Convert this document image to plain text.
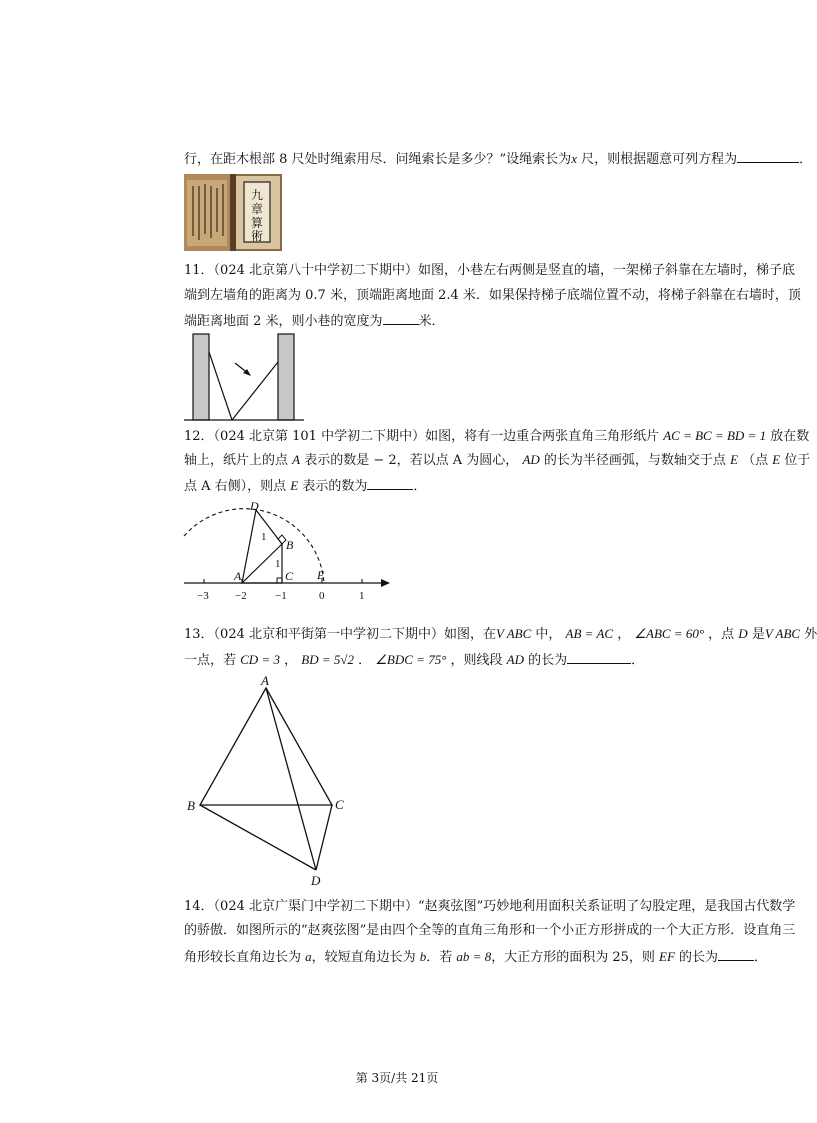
行，在距木根部 8 尺处时绳索用尽．问绳索长是多少？”设绳索长为x 尺，则根据题意可列方程为	．
九
章
算
術
11．（024 北京第八十中学初二下期中）如图，小巷左右两侧是竖直的墙，一架梯子斜靠在左墙时，梯子底
端到左墙角的距离为 0.7 米，顶端距离地面 2.4 米．如果保持梯子底端位置不动，将梯子斜靠在右墙时，顶
端距离地面 2 米，则小巷的宽度为	米．
12．（024 北京第 101 中学初二下期中）如图，将有一边重合两张直角三角形纸片 AC = BC = BD = 1 放在数
轴上，纸片上的点 A 表示的数是 − 2，若以点 A 为圆心， AD 的长为半径画弧，与数轴交于点 E （点 E 位于
点 A 右侧），则点 E 表示的数为	．
D
B
A	C E
1
1
−3 −2	−1	0	1
13．（024 北京和平街第一中学初二下期中）如图，在V ABC 中， AB = AC ， ∠ABC = 60° ，点 D 是V ABC 外
一点，若 CD = 3 ， BD = 5√2 ． ∠BDC = 75° ，则线段 AD 的长为	．
A
B	C
D
14．（024 北京广渠门中学初二下期中）“赵爽弦图”巧妙地利用面积关系证明了勾股定理，是我国古代数学
的骄傲．如图所示的“赵爽弦图”是由四个全等的直角三角形和一个小正方形拼成的一个大正方形．设直角三
角形较长直角边长为 a，较短直角边长为 b．若 ab = 8，大正方形的面积为 25，则 EF 的长为	．
第 3页/共 21页
